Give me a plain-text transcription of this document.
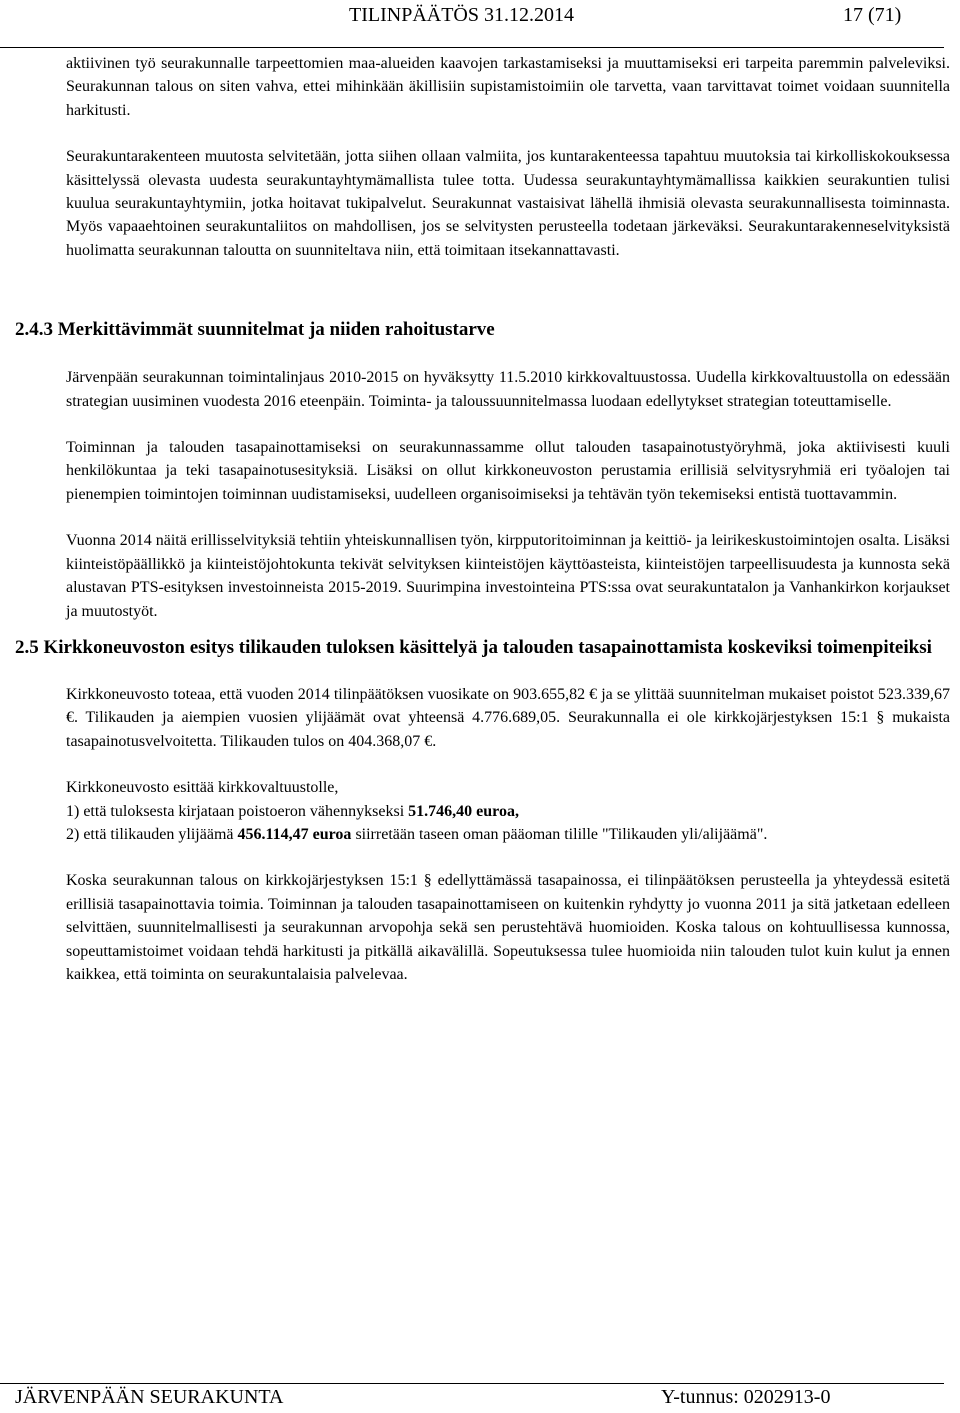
TILINPÄÄTÖS 31.12.2014	17 (71)

aktiivinen työ seurakunnalle tarpeettomien maa-alueiden kaavojen tarkastamiseksi ja muuttamiseksi eri tarpeita paremmin palveleviksi. Seurakunnan talous on siten vahva, ettei mihinkään äkillisiin supistamistoimiin ole tarvetta, vaan tarvittavat toimet voidaan suunnitella harkitusti.

Seurakuntarakenteen muutosta selvitetään, jotta siihen ollaan valmiita, jos kuntarakenteessa tapahtuu muutoksia tai kirkolliskokouksessa käsittelyssä olevasta uudesta seurakuntayhtymämallista tulee totta. Uudessa seurakuntayhtymämallissa kaikkien seurakuntien tulisi kuulua seurakuntayhtymiin, jotka hoitavat tukipalvelut. Seurakunnat vastaisivat lähellä ihmisiä olevasta seurakunnallisesta toiminnasta. Myös vapaaehtoinen seurakuntaliitos on mahdollisen, jos se selvitysten perusteella todetaan järkeväksi. Seurakuntarakenneselvityksistä huolimatta seurakunnan taloutta on suunniteltava niin, että toimitaan itsekannattavasti.

2.4.3 Merkittävimmät suunnitelmat ja niiden rahoitustarve

Järvenpään seurakunnan toimintalinjaus 2010-2015 on hyväksytty 11.5.2010 kirkkovaltuustossa. Uudella kirkkovaltuustolla on edessään strategian uusiminen vuodesta 2016 eteenpäin. Toiminta- ja taloussuunnitelmassa luodaan edellytykset strategian toteuttamiselle.

Toiminnan ja talouden tasapainottamiseksi on seurakunnassamme ollut talouden tasapainotustyöryhmä, joka aktiivisesti kuuli henkilökuntaa ja teki tasapainotusesityksiä. Lisäksi on ollut kirkkoneuvoston perustamia erillisiä selvitysryhmiä eri työalojen tai pienempien toimintojen toiminnan uudistamiseksi, uudelleen organisoimiseksi ja tehtävän työn tekemiseksi entistä tuottavammin.

Vuonna 2014 näitä erillisselvityksiä tehtiin yhteiskunnallisen työn, kirpputoritoiminnan ja keittiö- ja leirikeskustoimintojen osalta. Lisäksi kiinteistöpäällikkö ja kiinteistöjohtokunta tekivät selvityksen kiinteistöjen käyttöasteista, kiinteistöjen tarpeellisuudesta ja kunnosta sekä alustavan PTS-esityksen investoinneista 2015-2019. Suurimpina investointeina PTS:ssa ovat seurakuntatalon ja Vanhankirkon korjaukset ja muutostyöt.

2.5 Kirkkoneuvoston esitys tilikauden tuloksen käsittelyä ja talouden tasapainottamista koskeviksi toimenpiteiksi

Kirkkoneuvosto toteaa, että vuoden 2014 tilinpäätöksen vuosikate on 903.655,82 € ja se ylittää suunnitelman mukaiset poistot 523.339,67 €. Tilikauden ja aiempien vuosien ylijäämät ovat yhteensä 4.776.689,05. Seurakunnalla ei ole kirkkojärjestyksen 15:1 § mukaista tasapainotusvelvoitetta. Tilikauden tulos on 404.368,07 €.

Kirkkoneuvosto esittää kirkkovaltuustolle,

1) että tuloksesta kirjataan poistoeron vähennykseksi 51.746,40 euroa,

2) että tilikauden ylijäämä 456.114,47 euroa siirretään taseen oman pääoman tilille "Tilikauden yli/alijäämä".

Koska seurakunnan talous on kirkkojärjestyksen 15:1 § edellyttämässä tasapainossa, ei tilinpäätöksen perusteella ja yhteydessä esitetä erillisiä tasapainottavia toimia. Toiminnan ja talouden tasapainottamiseen on kuitenkin ryhdytty jo vuonna 2011 ja sitä jatketaan edelleen selvittäen, suunnitelmallisesti ja seurakunnan arvopohja sekä sen perustehtävä huomioiden. Koska talous on kohtuullisessa kunnossa, sopeuttamistoimet voidaan tehdä harkitusti ja pitkällä aikavälillä. Sopeutuksessa tulee huomioida niin talouden tulot kuin kulut ja ennen kaikkea, että toiminta on seurakuntalaisia palvelevaa.

JÄRVENPÄÄN SEURAKUNTA	Y-tunnus: 0202913-0
